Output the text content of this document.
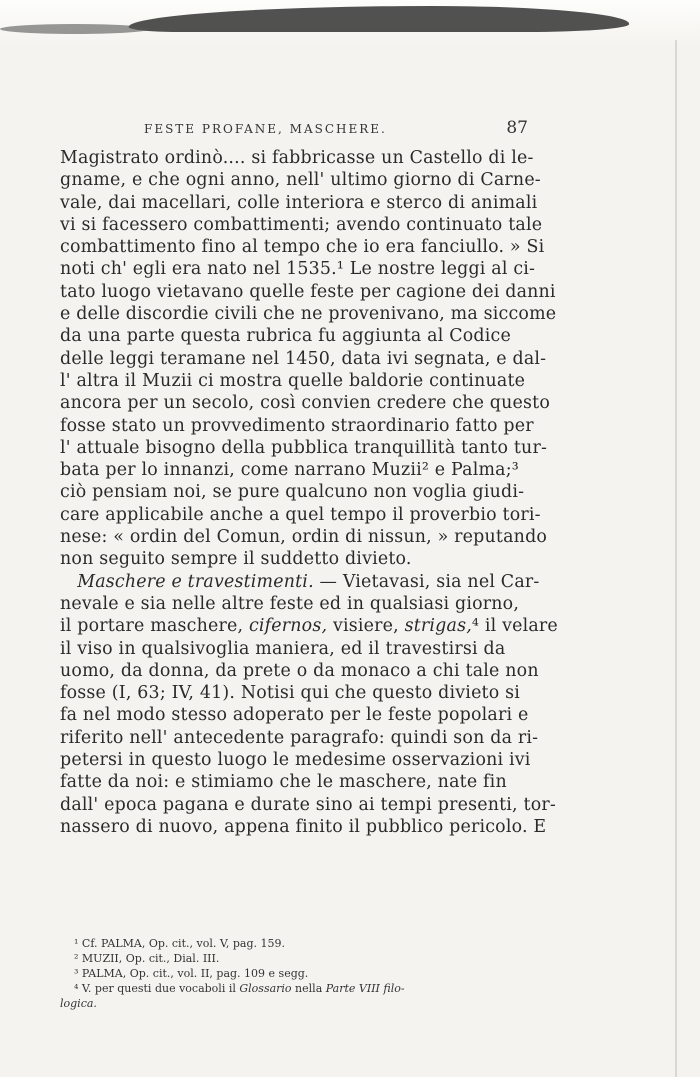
FESTE PROFANE, MASCHERE.	87
Magistrato ordinò.... si fabbricasse un Castello di le-
gname, e che ogni anno, nell' ultimo giorno di Carne-
vale, dai macellari, colle interiora e sterco di animali
vi si facessero combattimenti; avendo continuato tale
combattimento fino al tempo che io era fanciullo. » Si
noti ch' egli era nato nel 1535.¹ Le nostre leggi al ci-
tato luogo vietavano quelle feste per cagione dei danni
e delle discordie civili che ne provenivano, ma siccome
da una parte questa rubrica fu aggiunta al Codice
delle leggi teramane nel 1450, data ivi segnata, e dal-
l' altra il Muzii ci mostra quelle baldorie continuate
ancora per un secolo, così convien credere che questo
fosse stato un provvedimento straordinario fatto per
l' attuale bisogno della pubblica tranquillità tanto tur-
bata per lo innanzi, come narrano Muzii² e Palma;³
ciò pensiam noi, se pure qualcuno non voglia giudi-
care applicabile anche a quel tempo il proverbio tori-
nese: « ordin del Comun, ordin di nissun, » reputando
non seguito sempre il suddetto divieto.
Maschere e travestimenti. — Vietavasi, sia nel Car-
nevale e sia nelle altre feste ed in qualsiasi giorno,
il portare maschere, cifernos, visiere, strigas,⁴ il velare
il viso in qualsivoglia maniera, ed il travestirsi da
uomo, da donna, da prete o da monaco a chi tale non
fosse (I, 63; IV, 41). Notisi qui che questo divieto si
fa nel modo stesso adoperato per le feste popolari e
riferito nell' antecedente paragrafo: quindi son da ri-
petersi in questo luogo le medesime osservazioni ivi
fatte da noi: e stimiamo che le maschere, nate fin
dall' epoca pagana e durate sino ai tempi presenti, tor-
nassero di nuovo, appena finito il pubblico pericolo. E
¹ Cf. PALMA, Op. cit., vol. V, pag. 159.
² MUZII, Op. cit., Dial. III.
³ PALMA, Op. cit., vol. II, pag. 109 e segg.
⁴ V. per questi due vocaboli il Glossario nella Parte VIII filo-
logica.
